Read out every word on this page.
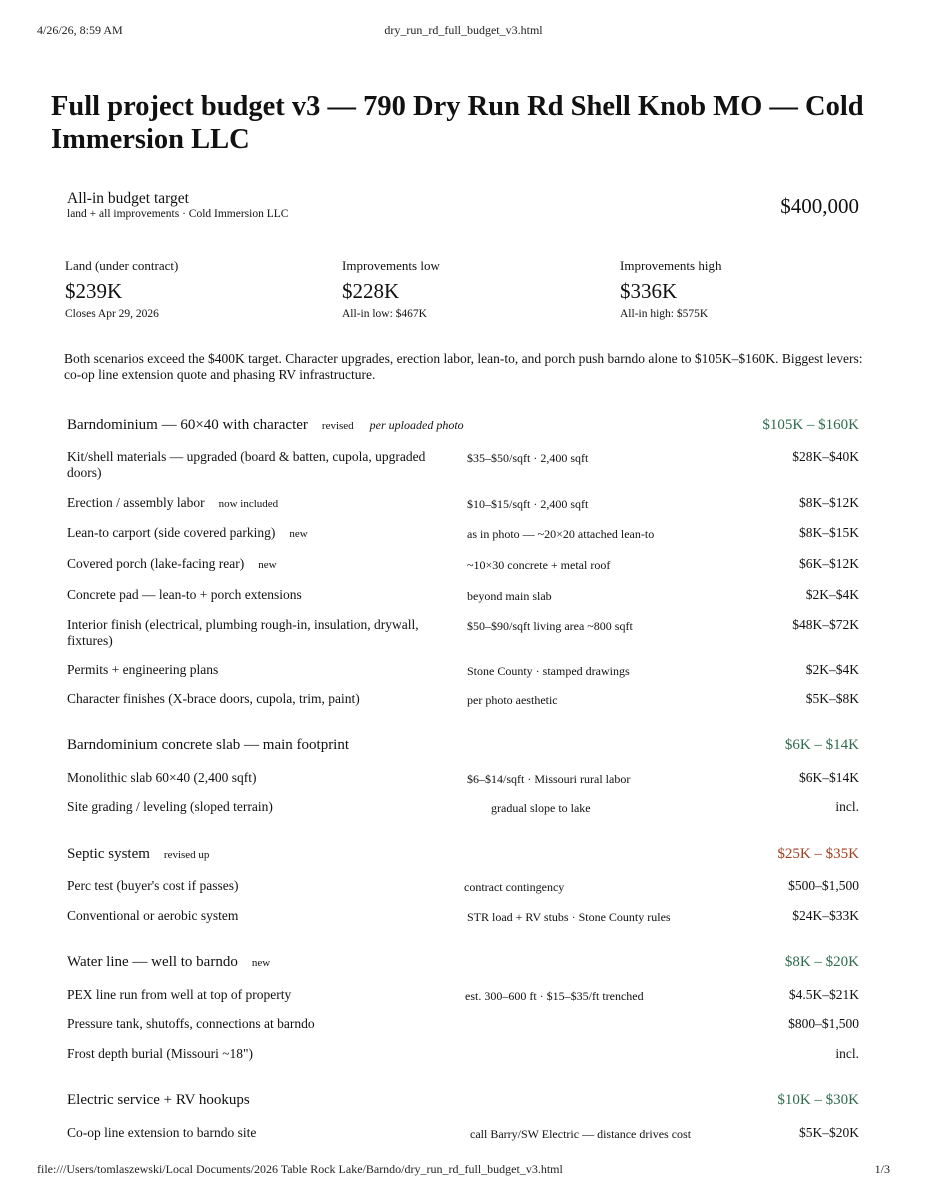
4/26/26, 8:59 AM	dry_run_rd_full_budget_v3.html
file:///Users/tomlaszewski/Local Documents/2026 Table Rock Lake/Barndo/dry_run_rd_full_budget_v3.html	1/3
Full project budget v3 — 790 Dry Run Rd Shell Knob MO — Cold Immersion LLC
All-in budget target
land + all improvements · Cold Immersion LLC	$400,000
Land (under contract)
$239K
Closes Apr 29, 2026
Improvements low
$228K
All-in low: $467K
Improvements high
$336K
All-in high: $575K
Both scenarios exceed the $400K target. Character upgrades, erection labor, lean-to, and porch push barndo alone to $105K–$160K. Biggest levers: co-op line extension quote and phasing RV infrastructure.
Barndominium — 60×40 with character revised per uploaded photo	$105K – $160K
Kit/shell materials — upgraded (board & batten, cupola, upgraded doors)
$35–$50/sqft · 2,400 sqft	$28K–$40K
Erection / assembly labor now included	$10–$15/sqft · 2,400 sqft	$8K–$12K
Lean-to carport (side covered parking) new	as in photo — ~20×20 attached lean-to	$8K–$15K
Covered porch (lake-facing rear) new	~10×30 concrete + metal roof	$6K–$12K
Concrete pad — lean-to + porch extensions	beyond main slab	$2K–$4K
Interior finish (electrical, plumbing rough-in, insulation, drywall, fixtures)
$50–$90/sqft living area ~800 sqft	$48K–$72K
Permits + engineering plans	Stone County · stamped drawings	$2K–$4K
Character finishes (X-brace doors, cupola, trim, paint)	per photo aesthetic	$5K–$8K
Barndominium concrete slab — main footprint	$6K – $14K
Monolithic slab 60×40 (2,400 sqft)	$6–$14/sqft · Missouri rural labor	$6K–$14K
Site grading / leveling (sloped terrain)	gradual slope to lake	incl.
Septic system revised up	$25K – $35K
Perc test (buyer's cost if passes)	contract contingency	$500–$1,500
Conventional or aerobic system	STR load + RV stubs · Stone County rules	$24K–$33K
Water line — well to barndo new	$8K – $20K
PEX line run from well at top of property	est. 300–600 ft · $15–$35/ft trenched	$4.5K–$21K
Pressure tank, shutoffs, connections at barndo	$800–$1,500
Frost depth burial (Missouri ~18")	incl.
Electric service + RV hookups	$10K – $30K
Co-op line extension to barndo site	call Barry/SW Electric — distance drives cost	$5K–$20K
